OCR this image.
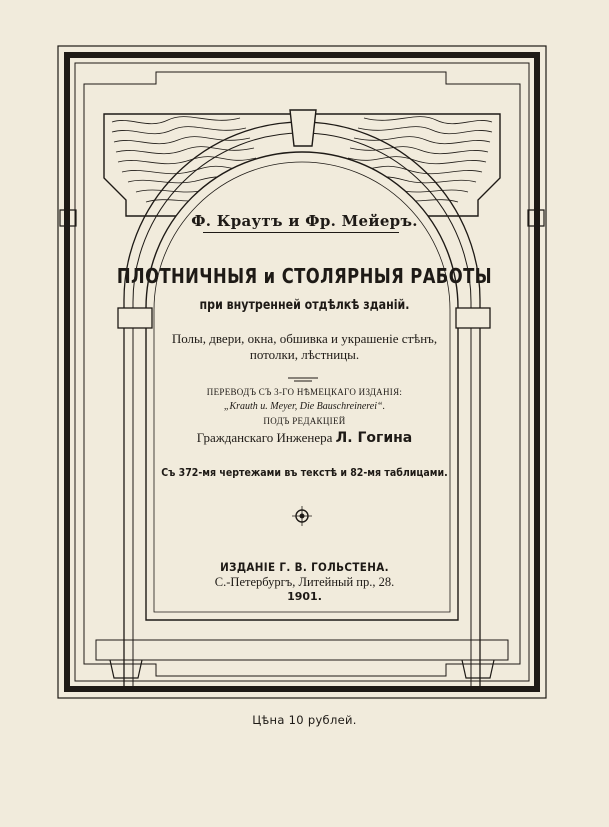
Ф. Краутъ и Фр. Мейеръ.
ПЛОТНИЧНЫЯ и СТОЛЯРНЫЯ РАБОТЫ
при внутренней отдѣлкѣ зданій.
Полы, двери, окна, обшивка и украшеніе стѣнъ,
потолки, лѣстницы.
ПЕРЕВОДЪ СЪ 3-ГО НѢМЕЦКАГО ИЗДАНІЯ:
„Krauth u. Meyer, Die Bauschreinerei“.
ПОДЪ РЕДАКЦІЕЙ
Гражданскаго Инженера Л. Гогина
Съ 372-мя чертежами въ текстѣ и 82-мя таблицами.
ИЗДАНІЕ Г. В. ГОЛЬСТЕНА.
С.-Петербургъ, Литейный пр., 28.
1901.
Цѣна 10 рублей.
